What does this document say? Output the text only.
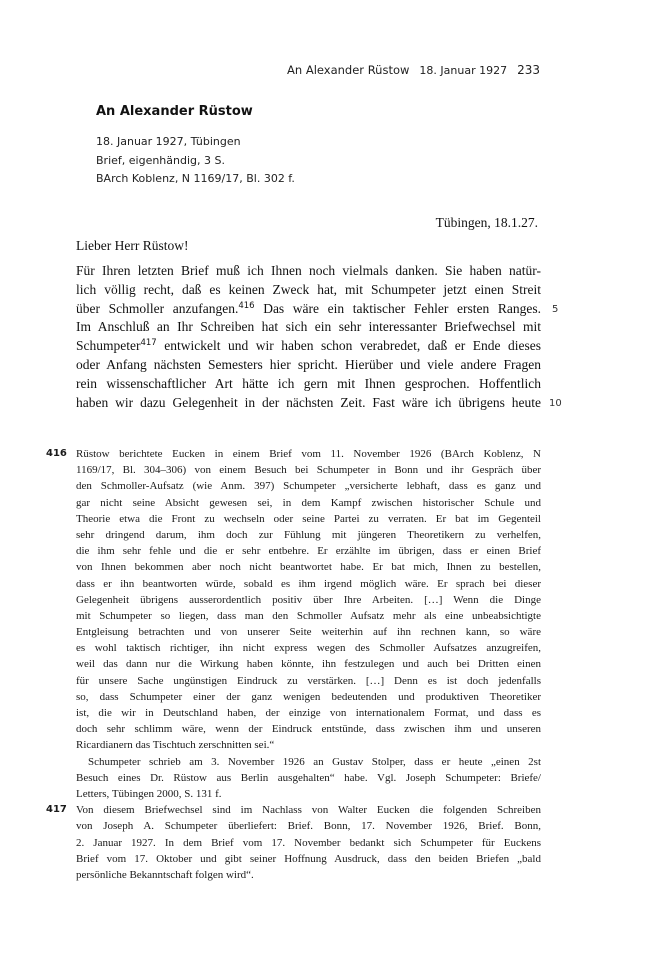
An Alexander Rüstow 18. Januar 1927 233
An Alexander Rüstow
18. Januar 1927, Tübingen
Brief, eigenhändig, 3 S.
BArch Koblenz, N 1169/17, Bl. 302 f.
Tübingen, 18.1.27.
Lieber Herr Rüstow!
Für Ihren letzten Brief muß ich Ihnen noch vielmals danken. Sie haben natür-
lich völlig recht, daß es keinen Zweck hat, mit Schumpeter jetzt einen Streit
über Schmoller anzufangen.$^{416}$ Das wäre ein taktischer Fehler ersten Ranges.
Im Anschluß an Ihr Schreiben hat sich ein sehr interessanter Briefwechsel mit
Schumpeter$^{417}$ entwickelt und wir haben schon verabredet, daß er Ende dieses
oder Anfang nächsten Semesters hier spricht. Hierüber und viele andere Fragen
rein wissenschaftlicher Art hätte ich gern mit Ihnen gesprochen. Hoffentlich
haben wir dazu Gelegenheit in der nächsten Zeit. Fast wäre ich übrigens heute
5
10
416 Rüstow berichtete Eucken in einem Brief vom 11. November 1926 (BArch Koblenz, N
1169/17, Bl. 304–306) von einem Besuch bei Schumpeter in Bonn und ihr Gespräch über
den Schmoller-Aufsatz (wie Anm. 397) Schumpeter „versicherte lebhaft, dass es ganz und
gar nicht seine Absicht gewesen sei, in dem Kampf zwischen historischer Schule und
Theorie etwa die Front zu wechseln oder seine Partei zu verraten. Er bat im Gegenteil
sehr dringend darum, ihm doch zur Fühlung mit jüngeren Theoretikern zu verhelfen,
die ihm sehr fehle und die er sehr entbehre. Er erzählte im übrigen, dass er einen Brief
von Ihnen bekommen aber noch nicht beantwortet habe. Er bat mich, Ihnen zu bestellen,
dass er ihn beantworten würde, sobald es ihm irgend möglich wäre. Er sprach bei dieser
Gelegenheit übrigens ausserordentlich positiv über Ihre Arbeiten. […] Wenn die Dinge
mit Schumpeter so liegen, dass man den Schmoller Aufsatz mehr als eine unbeabsichtigte
Entgleisung betrachten und von unserer Seite weiterhin auf ihn rechnen kann, so wäre
es wohl taktisch richtiger, ihn nicht express wegen des Schmoller Aufsatzes anzugreifen,
weil das dann nur die Wirkung haben könnte, ihn festzulegen und auch bei Dritten einen
für unsere Sache ungünstigen Eindruck zu verstärken. […] Denn es ist doch jedenfalls
so, dass Schumpeter einer der ganz wenigen bedeutenden und produktiven Theoretiker
ist, die wir in Deutschland haben, der einzige von internationalem Format, und dass es
doch sehr schlimm wäre, wenn der Eindruck entstünde, dass zwischen ihm und unseren
Ricardianern das Tischtuch zerschnitten sei.“
Schumpeter schrieb am 3. November 1926 an Gustav Stolper, dass er heute „einen 2st
Besuch eines Dr. Rüstow aus Berlin ausgehalten“ habe. Vgl. Joseph Schumpeter: Briefe/
Letters, Tübingen 2000, S. 131 f.
417 Von diesem Briefwechsel sind im Nachlass von Walter Eucken die folgenden Schreiben
von Joseph A. Schumpeter überliefert: Brief. Bonn, 17. November 1926, Brief. Bonn,
2. Januar 1927. In dem Brief vom 17. November bedankt sich Schumpeter für Euckens
Brief vom 17. Oktober und gibt seiner Hoffnung Ausdruck, dass den beiden Briefen „bald
persönliche Bekanntschaft folgen wird“.
